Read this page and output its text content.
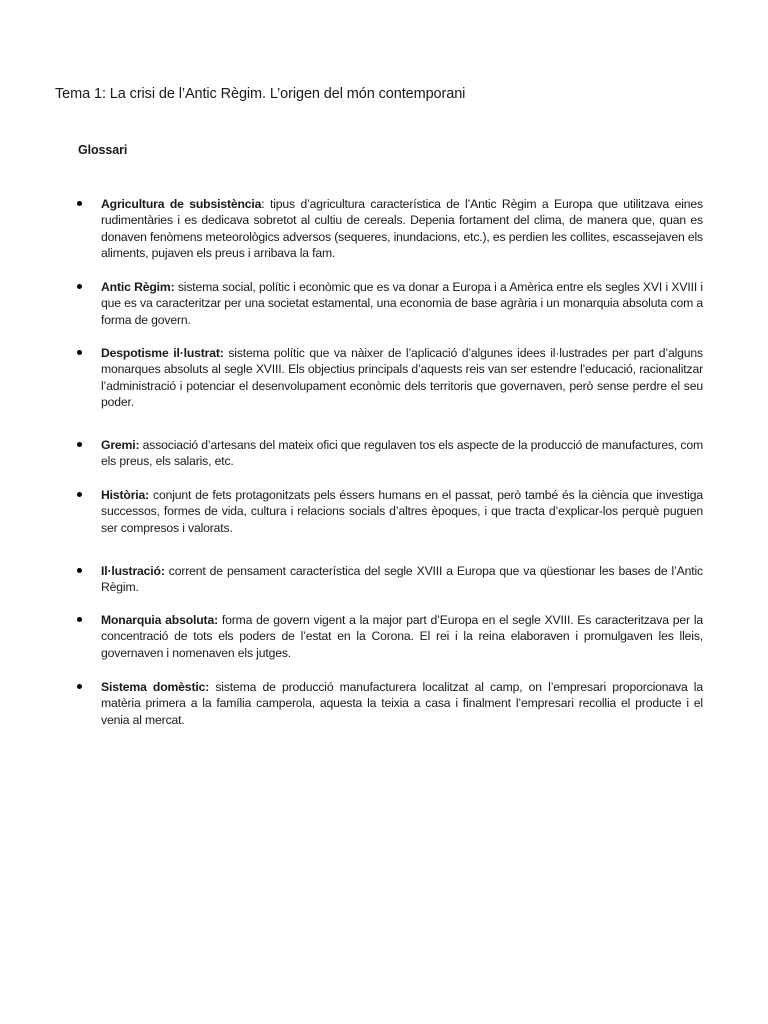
Tema 1: La crisi de l’Antic Règim. L’origen del món contemporani
Glossari
Agricultura de subsistència: tipus d’agricultura característica de l’Antic Règim a Europa que utilitzava eines rudimentàries i es dedicava sobretot al cultiu de cereals. Depenia fortament del clima, de manera que, quan es donaven fenòmens meteorològics adversos (sequeres, inundacions, etc.), es perdien les collites, escassejaven els aliments, pujaven els preus i arribava la fam.
Antic Règim: sistema social, polític i econòmic que es va donar a Europa i a Amèrica entre els segles XVI i XVIII i que es va caracteritzar per una societat estamental, una economia de base agrària i un monarquia absoluta com a forma de govern.
Despotisme il·lustrat: sistema polític que va nàixer de l’aplicació d’algunes idees il·lustrades per part d’alguns monarques absoluts al segle XVIII. Els objectius principals d’aquests reis van ser estendre l’educació, racionalitzar l’administració i potenciar el desenvolupament econòmic dels territoris que governaven, però sense perdre el seu poder.
Gremi: associació d’artesans del mateix ofici que regulaven tos els aspecte de la producció de manufactures, com els preus, els salaris, etc.
Història: conjunt de fets protagonitzats pels éssers humans en el passat, però també és la ciència que investiga successos, formes de vida, cultura i relacions socials d’altres èpoques, i que tracta d’explicar-los perquè puguen ser compresos i valorats.
Il·lustració: corrent de pensament característica del segle XVIII a Europa que va qüestionar les bases de l’Antic Règim.
Monarquia absoluta: forma de govern vigent a la major part d’Europa en el segle XVIII. Es caracteritzava per la concentració de tots els poders de l’estat en la Corona. El rei i la reina elaboraven i promulgaven les lleis, governaven i nomenaven els jutges.
Sistema domèstic: sistema de producció manufacturera localitzat al camp, on l’empresari proporcionava la matèria primera a la família camperola, aquesta la teixia a casa i finalment l’empresari recollia el producte i el venia al mercat.
